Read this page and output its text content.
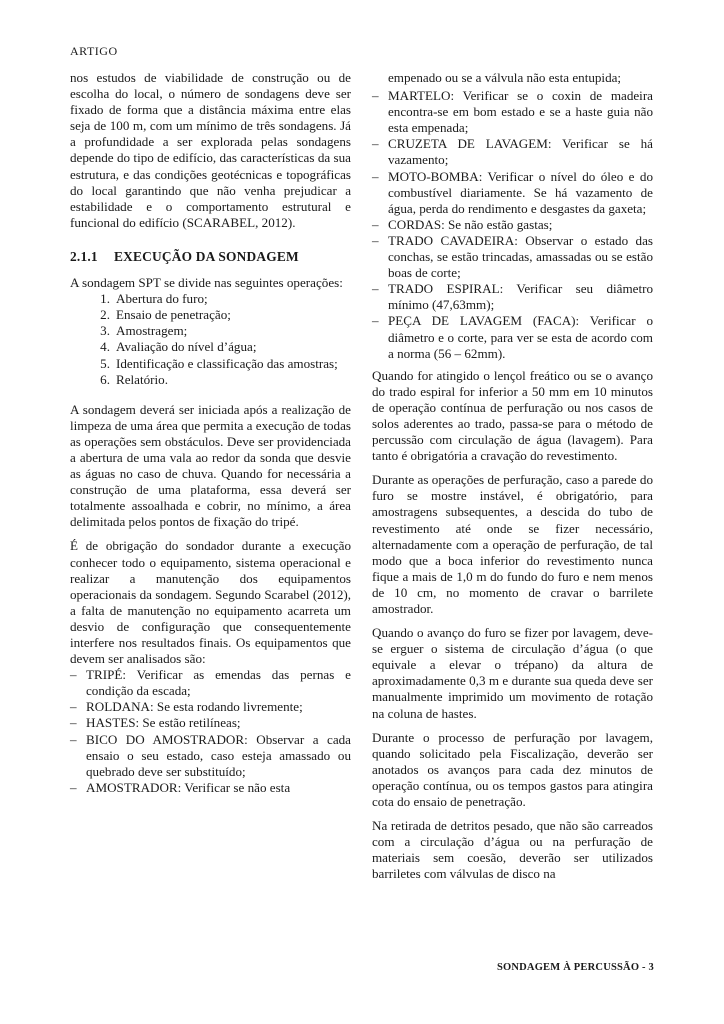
ARTIGO

nos estudos de viabilidade de construção ou de escolha do local, o número de sondagens deve ser fixado de forma que a distância máxima entre elas seja de 100 m, com um mínimo de três sondagens. Já a profundidade a ser explorada pelas sondagens depende do tipo de edifício, das características da sua estrutura, e das condições geotécnicas e topográficas do local garantindo que não venha prejudicar a estabilidade e o comportamento estrutural e funcional do edifício (SCARABEL, 2012).

2.1.1 EXECUÇÃO DA SONDAGEM

A sondagem SPT se divide nas seguintes operações:

1. Abertura do furo;
2. Ensaio de penetração;
3. Amostragem;
4. Avaliação do nível d’água;
5. Identificação e classificação das amostras;
6. Relatório.

A sondagem deverá ser iniciada após a realização de limpeza de uma área que permita a execução de todas as operações sem obstáculos. Deve ser providenciada a abertura de uma vala ao redor da sonda que desvie as águas no caso de chuva. Quando for necessária a construção de uma plataforma, essa deverá ser totalmente assoalhada e cobrir, no mínimo, a área delimitada pelos pontos de fixação do tripé.

É de obrigação do sondador durante a execução conhecer todo o equipamento, sistema operacional e realizar a manutenção dos equipamentos operacionais da sondagem. Segundo Scarabel (2012), a falta de manutenção no equipamento acarreta um desvio de configuração que consequentemente interfere nos resultados finais. Os equipamentos que devem ser analisados são:

– TRIPÉ: Verificar as emendas das pernas e condição da escada;
– ROLDANA: Se esta rodando livremente;
– HASTES: Se estão retilíneas;
– BICO DO AMOSTRADOR: Observar a cada ensaio o seu estado, caso esteja amassado ou quebrado deve ser substituído;
– AMOSTRADOR: Verificar se não esta
empenado ou se a válvula não esta entupida;
– MARTELO: Verificar se o coxin de madeira encontra-se em bom estado e se a haste guia não esta empenada;
– CRUZETA DE LAVAGEM: Verificar se há vazamento;
– MOTO-BOMBA: Verificar o nível do óleo e do combustível diariamente. Se há vazamento de água, perda do rendimento e desgastes da gaxeta;
– CORDAS: Se não estão gastas;
– TRADO CAVADEIRA: Observar o estado das conchas, se estão trincadas, amassadas ou se estão boas de corte;
– TRADO ESPIRAL: Verificar seu diâmetro mínimo (47,63mm);
– PEÇA DE LAVAGEM (FACA): Verificar o diâmetro e o corte, para ver se esta de acordo com a norma (56 – 62mm).

Quando for atingido o lençol freático ou se o avanço do trado espiral for inferior a 50 mm em 10 minutos de operação contínua de perfuração ou nos casos de solos aderentes ao trado, passa-se para o método de percussão com circulação de água (lavagem). Para tanto é obrigatória a cravação do revestimento.

Durante as operações de perfuração, caso a parede do furo se mostre instável, é obrigatório, para amostragens subsequentes, a descida do tubo de revestimento até onde se fizer necessário, alternadamente com a operação de perfuração, de tal modo que a boca inferior do revestimento nunca fique a mais de 1,0 m do fundo do furo e nem menos de 10 cm, no momento de cravar o barrilete amostrador.

Quando o avanço do furo se fizer por lavagem, deve-se erguer o sistema de circulação d’água (o que equivale a elevar o trépano) da altura de aproximadamente 0,3 m e durante sua queda deve ser manualmente imprimido um movimento de rotação na coluna de hastes.

Durante o processo de perfuração por lavagem, quando solicitado pela Fiscalização, deverão ser anotados os avanços para cada dez minutos de operação contínua, ou os tempos gastos para atingira cota do ensaio de penetração.

Na retirada de detritos pesado, que não são carreados com a circulação d’água ou na perfuração de materiais sem coesão, deverão ser utilizados barriletes com válvulas de disco na

SONDAGEM À PERCUSSÃO - 3
